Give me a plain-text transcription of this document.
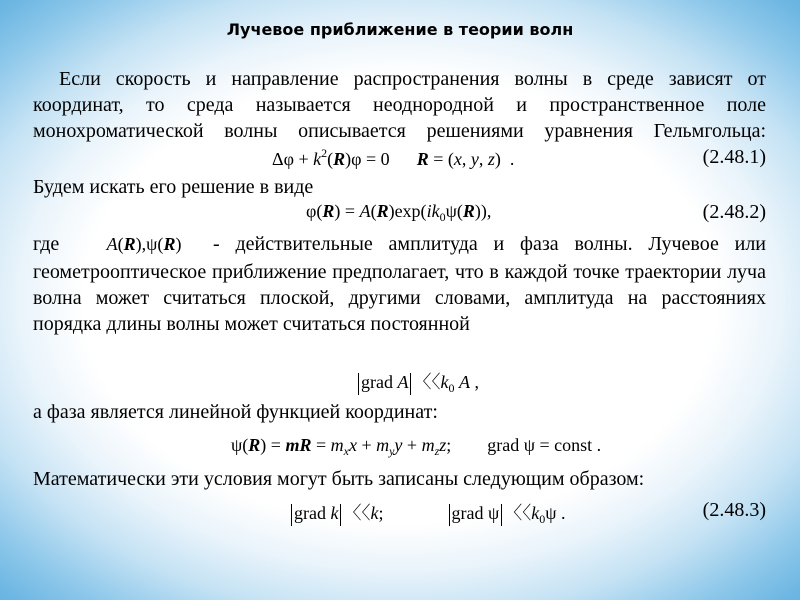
Лучевое приближение в теории волн
Если скорость и направление распространения волны в среде зависят от координат, то среда называется неоднородной и пространственное поле монохроматической волны описывается решениями уравнения Гельмгольца:
$\Delta\varphi + k^2(R)\varphi = 0$      R = (x, y, z)  .	(2.48.1)
Будем искать его решение в виде
$\varphi(R) = A(R)\exp(ik_0\psi(R))$,	(2.48.2)
где	A(R),ψ(R) - действительные амплитуда и фаза волны. Лучевое или
геометрооптическое приближение предполагает, что в каждой точке траектории луча волна может считаться плоской, другими словами, амплитуда на расстояниях порядка длины волны может считаться постоянной
grad A 〈〈$k_0$ A ,
а фаза является линейной функцией координат:
ψ(R) = mR = $m_xx + m_yy + m_zz$;        grad ψ = const .
Математически эти условия могут быть записаны следующим образом:
grad k 〈〈k;              grad ψ 〈〈$k_0\psi$ .	(2.48.3)
